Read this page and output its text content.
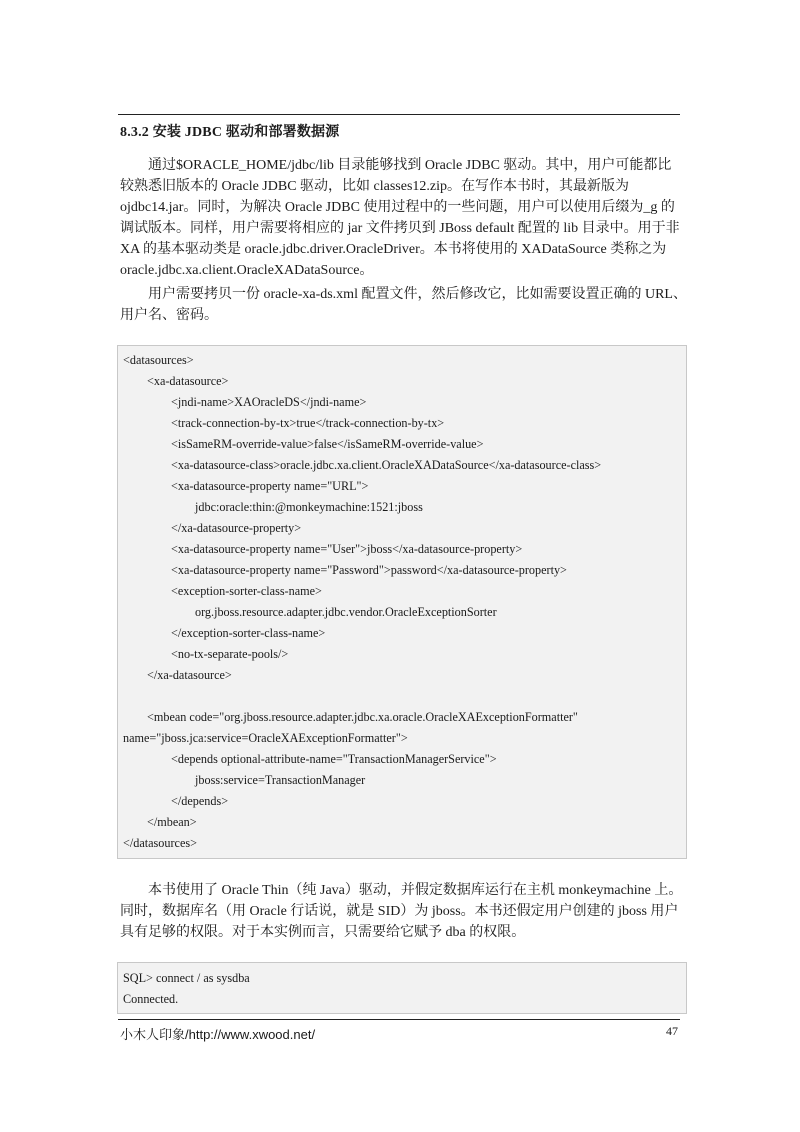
8.3.2 安装 JDBC 驱动和部署数据源
通过$ORACLE_HOME/jdbc/lib 目录能够找到 Oracle JDBC 驱动。其中，用户可能都比
较熟悉旧版本的 Oracle JDBC 驱动，比如 classes12.zip。在写作本书时，其最新版为
ojdbc14.jar。同时，为解决 Oracle JDBC 使用过程中的一些问题，用户可以使用后缀为_g 的
调试版本。同样，用户需要将相应的 jar 文件拷贝到 JBoss default 配置的 lib 目录中。用于非
XA 的基本驱动类是 oracle.jdbc.driver.OracleDriver。本书将使用的 XADataSource 类称之为
oracle.jdbc.xa.client.OracleXADataSource。
用户需要拷贝一份 oracle-xa-ds.xml 配置文件，然后修改它，比如需要设置正确的 URL、
用户名、密码。
<datasources>
<xa-datasource>
<jndi-name>XAOracleDS</jndi-name>
<track-connection-by-tx>true</track-connection-by-tx>
<isSameRM-override-value>false</isSameRM-override-value>
<xa-datasource-class>oracle.jdbc.xa.client.OracleXADataSource</xa-datasource-class>
<xa-datasource-property name="URL">
jdbc:oracle:thin:@monkeymachine:1521:jboss
</xa-datasource-property>
<xa-datasource-property name="User">jboss</xa-datasource-property>
<xa-datasource-property name="Password">password</xa-datasource-property>
<exception-sorter-class-name>
org.jboss.resource.adapter.jdbc.vendor.OracleExceptionSorter
</exception-sorter-class-name>
<no-tx-separate-pools/>
</xa-datasource>
<mbean code="org.jboss.resource.adapter.jdbc.xa.oracle.OracleXAExceptionFormatter"
name="jboss.jca:service=OracleXAExceptionFormatter">
<depends optional-attribute-name="TransactionManagerService">
jboss:service=TransactionManager
</depends>
</mbean>
</datasources>
本书使用了 Oracle Thin（纯 Java）驱动，并假定数据库运行在主机 monkeymachine 上。
同时，数据库名（用 Oracle 行话说，就是 SID）为 jboss。本书还假定用户创建的 jboss 用户
具有足够的权限。对于本实例而言，只需要给它赋予 dba 的权限。
SQL> connect / as sysdba
Connected.
小木人印象/http://www.xwood.net/	47
